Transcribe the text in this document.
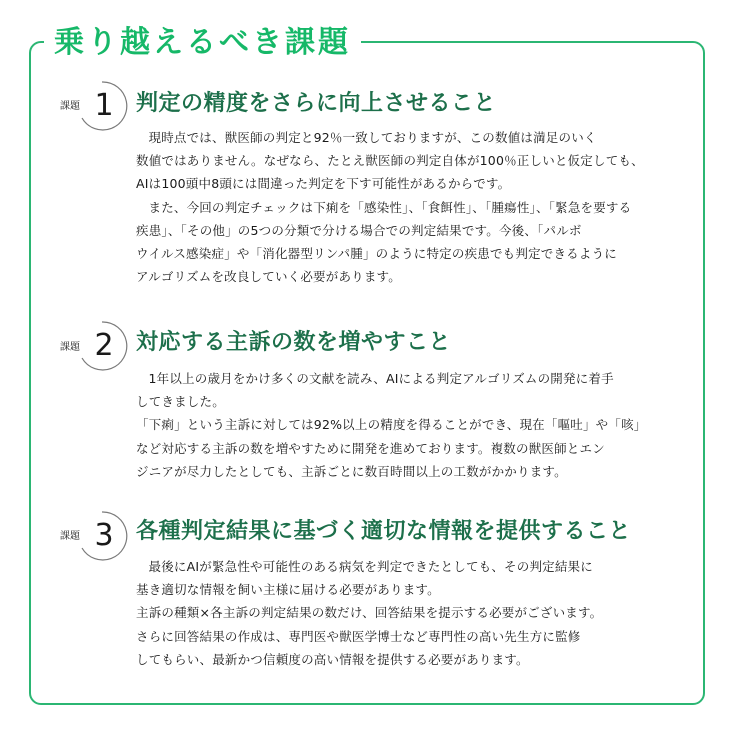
乗り越えるべき課題
課題 1 判定の精度をさらに向上させること
現時点では、獣医師の判定と92％一致しておりますが、この数値は満足のいく
数値ではありません。なぜなら、たとえ獣医師の判定自体が100％正しいと仮定しても、
AIは100頭中8頭には間違った判定を下す可能性があるからです。
また、今回の判定チェックは下痢を「感染性」、「食餌性」、「腫瘍性」、「緊急を要する
疾患」、「その他」の5つの分類で分ける場合での判定結果です。今後、「パルボ
ウイルス感染症」や「消化器型リンパ腫」のように特定の疾患でも判定できるように
アルゴリズムを改良していく必要があります。
課題 2 対応する主訴の数を増やすこと
1年以上の歳月をかけ多くの文献を読み、AIによる判定アルゴリズムの開発に着手
してきました。
「下痢」という主訴に対しては92%以上の精度を得ることができ、現在「嘔吐」や「咳」
など対応する主訴の数を増やすために開発を進めております。複数の獣医師とエン
ジニアが尽力したとしても、主訴ごとに数百時間以上の工数がかかります。
課題 3 各種判定結果に基づく適切な情報を提供すること
最後にAIが緊急性や可能性のある病気を判定できたとしても、その判定結果に
基き適切な情報を飼い主様に届ける必要があります。
主訴の種類×各主訴の判定結果の数だけ、回答結果を提示する必要がございます。
さらに回答結果の作成は、専門医や獣医学博士など専門性の高い先生方に監修
してもらい、最新かつ信頼度の高い情報を提供する必要があります。
